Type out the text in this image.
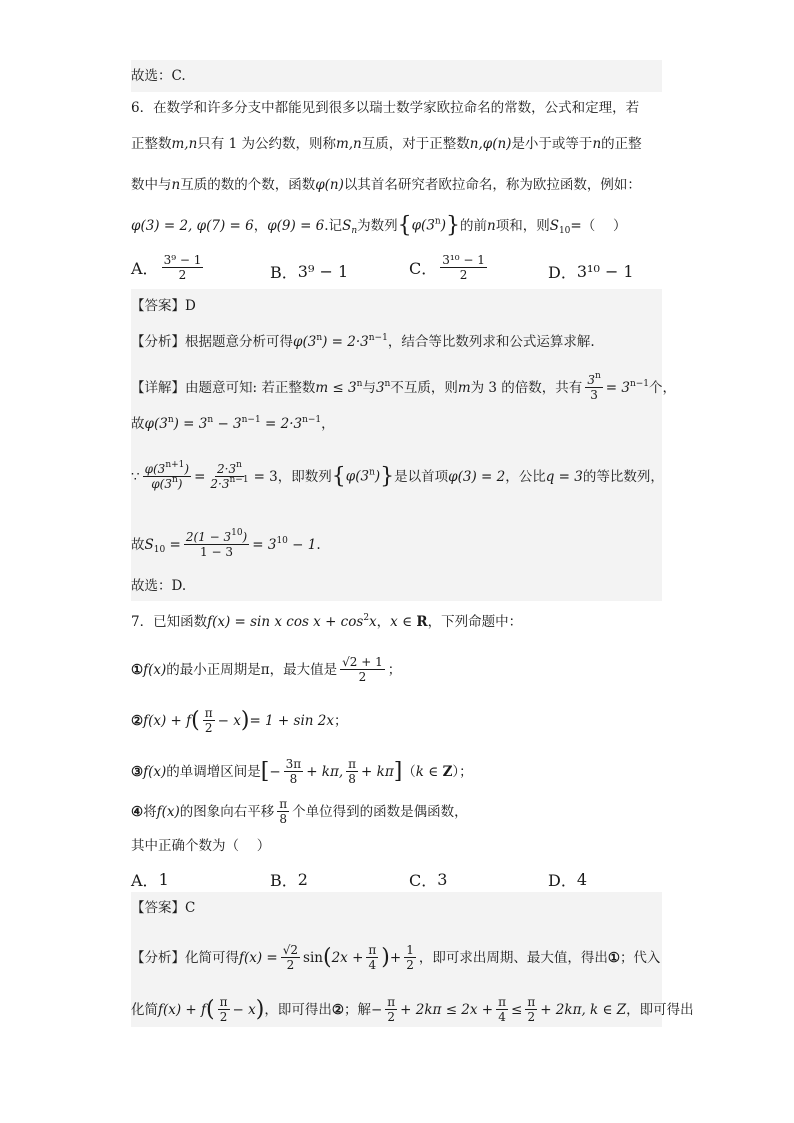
故选：C.
6．在数学和许多分支中都能见到很多以瑞士数学家欧拉命名的常数，公式和定理，若
正整数 m,n 只有 1 为公约数，则称 m,n 互质，对于正整数 n,φ(n) 是小于或等于 n 的正整
数中与 n 互质的数的个数，函数 φ(n) 以其首名研究者欧拉命名，称为欧拉函数，例如：
φ(3) = 2, φ(7) = 6 ， φ(9) = 6 .记 $S_n$ 为数列 {φ(3$^n$)} 的前 n 项和，则 $S_{10}$ =（　 ）
A． $\frac{\text{3⁹ − 1}}{2}$	B． 3⁹ − 1	C． $\frac{\text{3¹⁰ − 1}}{2}$	D． 3¹⁰ − 1
【答案】D
【分析】根据题意分析可得 $\varphi(3^n) = 2\cdot 3^{n-1}$ ，结合等比数列求和公式运算求解.
【详解】由题意可知: 若正整数 $m \le 3^n$ 与 3$^n$ 不互质，则 m 为 3 的倍数，共有 $\frac{3^n}{3} = 3^{n-1}$ 个，
故 $\varphi(3^n) = 3^n - 3^{n-1} = 2\cdot 3^{n-1}$ ，
∵ $\frac{\varphi(3^{n+1})}{\varphi(3^n)} = \frac{2\cdot 3^n}{2\cdot 3^{n-1}} = 3$，即数列 {φ(3$^n$)} 是以首项 φ(3) = 2 ，公比 q = 3 的等比数列，
故 $S_{10} = \frac{2(1 - 3^{10})}{1 - 3} = 3^{10} - 1$ .
故选：D.
7．已知函数 f(x) = sin x $\cos x + \cos^2x$ ， x ∈ R ，下列命题中：
① f(x) 的最小正周期是 π ，最大值是 $\frac{√2 + 1}{2}$ ；
② f(x) + f ( $\frac{\pi}{2} - x$ ) = 1 + sin 2 x ；
③ f(x) 的单调增区间是 [ − $\frac{3\pi}{8} + k\pi$, $\frac{\pi}{8} + k\pi$ ] （ k ∈ Z ）；
④ 将 f(x) 的图象向右平移 $\frac{\pi}{8}$ 个单位得到的函数是偶函数，
其中正确个数为（　 ）
A． 1	B． 2	C． 3	D． 4
【答案】C
【分析】化简可得 $f(x) = \frac{√2}{2}$ sin ( $2x + \frac{\pi}{4}$ ) + $\frac{1}{2}$ ，即可求出周期、最大值，得出 ① ；代入
化简 f(x) + f ( $\frac{\pi}{2} - x$ ) ，即可得出 ② ；解 − $\frac{\pi}{2} + 2k\pi \le 2x + \frac{\pi}{4} \le \frac{\pi}{2} + 2k\pi$, k ∈ Z ，即可得出
